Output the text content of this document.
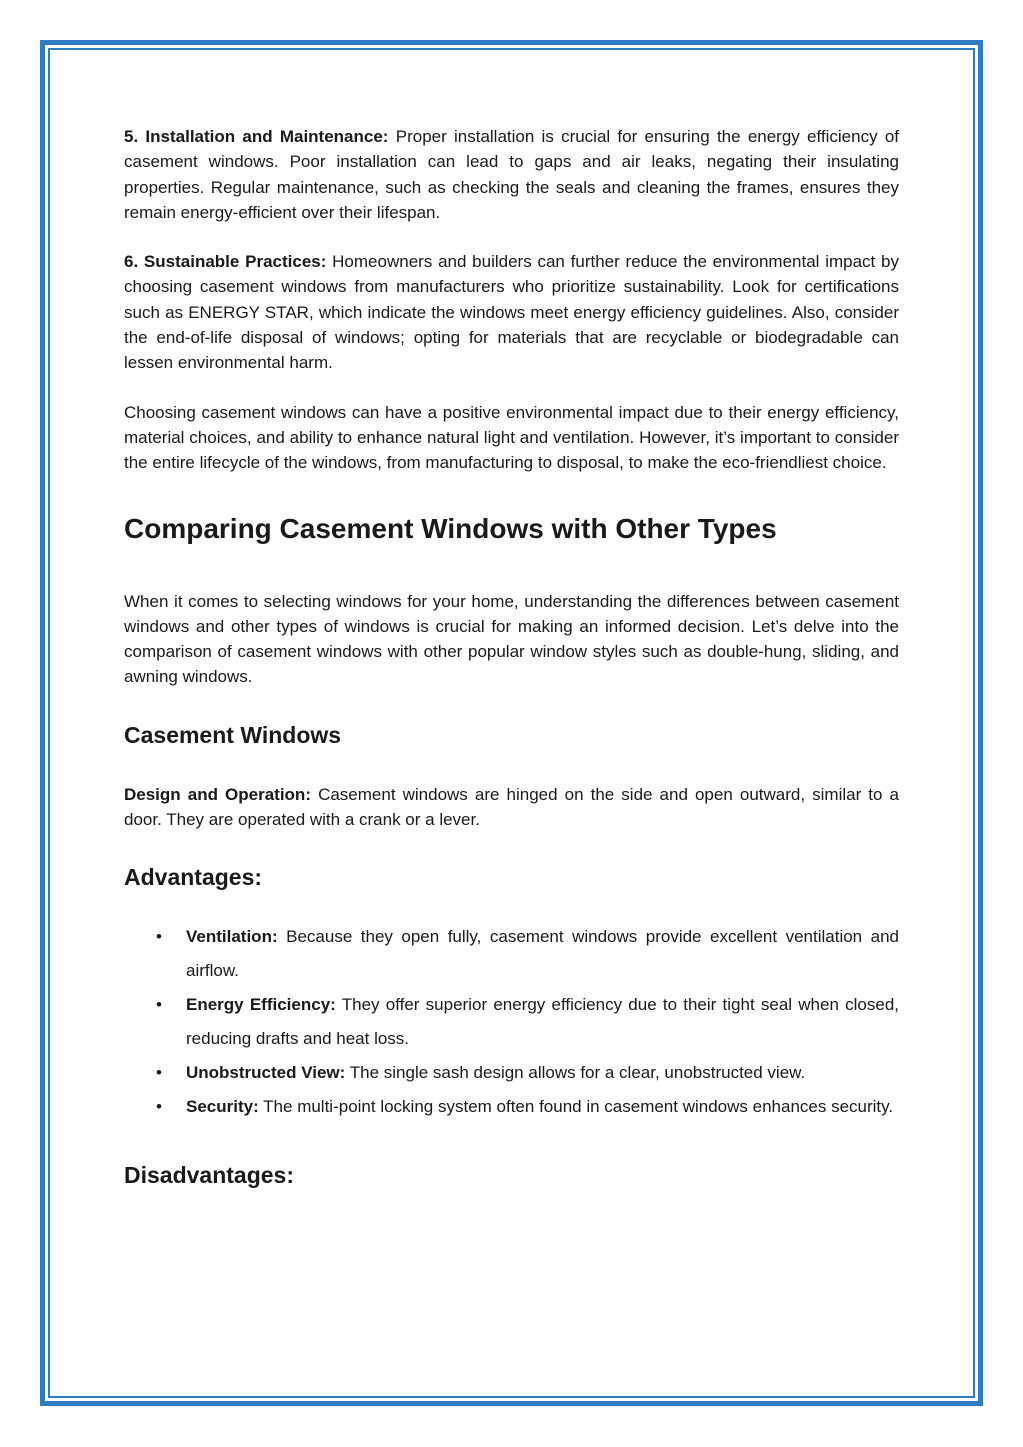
5. Installation and Maintenance: Proper installation is crucial for ensuring the energy efficiency of casement windows. Poor installation can lead to gaps and air leaks, negating their insulating properties. Regular maintenance, such as checking the seals and cleaning the frames, ensures they remain energy-efficient over their lifespan.

6. Sustainable Practices: Homeowners and builders can further reduce the environmental impact by choosing casement windows from manufacturers who prioritize sustainability. Look for certifications such as ENERGY STAR, which indicate the windows meet energy efficiency guidelines. Also, consider the end-of-life disposal of windows; opting for materials that are recyclable or biodegradable can lessen environmental harm.

Choosing casement windows can have a positive environmental impact due to their energy efficiency, material choices, and ability to enhance natural light and ventilation. However, it’s important to consider the entire lifecycle of the windows, from manufacturing to disposal, to make the eco-friendliest choice.

Comparing Casement Windows with Other Types

When it comes to selecting windows for your home, understanding the differences between casement windows and other types of windows is crucial for making an informed decision. Let’s delve into the comparison of casement windows with other popular window styles such as double-hung, sliding, and awning windows.

Casement Windows

Design and Operation: Casement windows are hinged on the side and open outward, similar to a door. They are operated with a crank or a lever.

Advantages:
• Ventilation: Because they open fully, casement windows provide excellent ventilation and airflow.
• Energy Efficiency: They offer superior energy efficiency due to their tight seal when closed, reducing drafts and heat loss.
• Unobstructed View: The single sash design allows for a clear, unobstructed view.
• Security: The multi-point locking system often found in casement windows enhances security.
Disadvantages:
